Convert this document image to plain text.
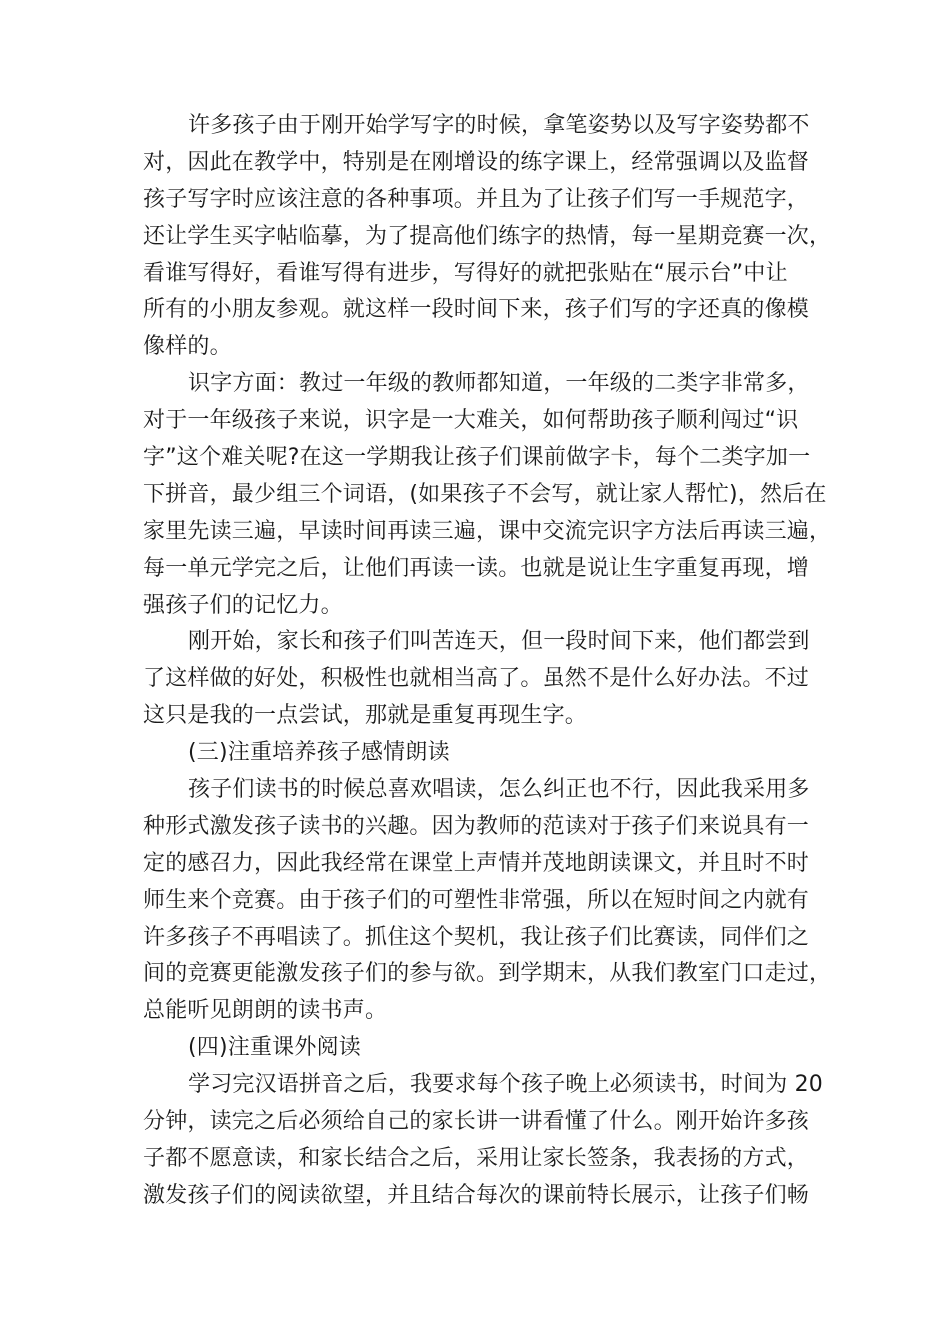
许多孩子由于刚开始学写字的时候，拿笔姿势以及写字姿势都不
对，因此在教学中，特别是在刚增设的练字课上，经常强调以及监督
孩子写字时应该注意的各种事项。并且为了让孩子们写一手规范字，
还让学生买字帖临摹，为了提高他们练字的热情，每一星期竞赛一次，
看谁写得好，看谁写得有进步，写得好的就把张贴在“展示台”中让
所有的小朋友参观。就这样一段时间下来，孩子们写的字还真的像模
像样的。
识字方面：教过一年级的教师都知道，一年级的二类字非常多，
对于一年级孩子来说，识字是一大难关，如何帮助孩子顺利闯过“识
字”这个难关呢?在这一学期我让孩子们课前做字卡，每个二类字加一
下拼音，最少组三个词语，(如果孩子不会写，就让家人帮忙)，然后在
家里先读三遍，早读时间再读三遍，课中交流完识字方法后再读三遍，
每一单元学完之后，让他们再读一读。也就是说让生字重复再现，增
强孩子们的记忆力。
刚开始，家长和孩子们叫苦连天，但一段时间下来，他们都尝到
了这样做的好处，积极性也就相当高了。虽然不是什么好办法。不过
这只是我的一点尝试，那就是重复再现生字。
(三)注重培养孩子感情朗读
孩子们读书的时候总喜欢唱读，怎么纠正也不行，因此我采用多
种形式激发孩子读书的兴趣。因为教师的范读对于孩子们来说具有一
定的感召力，因此我经常在课堂上声情并茂地朗读课文，并且时不时
师生来个竞赛。由于孩子们的可塑性非常强，所以在短时间之内就有
许多孩子不再唱读了。抓住这个契机，我让孩子们比赛读，同伴们之
间的竞赛更能激发孩子们的参与欲。到学期末，从我们教室门口走过，
总能听见朗朗的读书声。
(四)注重课外阅读
学习完汉语拼音之后，我要求每个孩子晚上必须读书，时间为 20
分钟，读完之后必须给自己的家长讲一讲看懂了什么。刚开始许多孩
子都不愿意读，和家长结合之后，采用让家长签条，我表扬的方式，
激发孩子们的阅读欲望，并且结合每次的课前特长展示，让孩子们畅
